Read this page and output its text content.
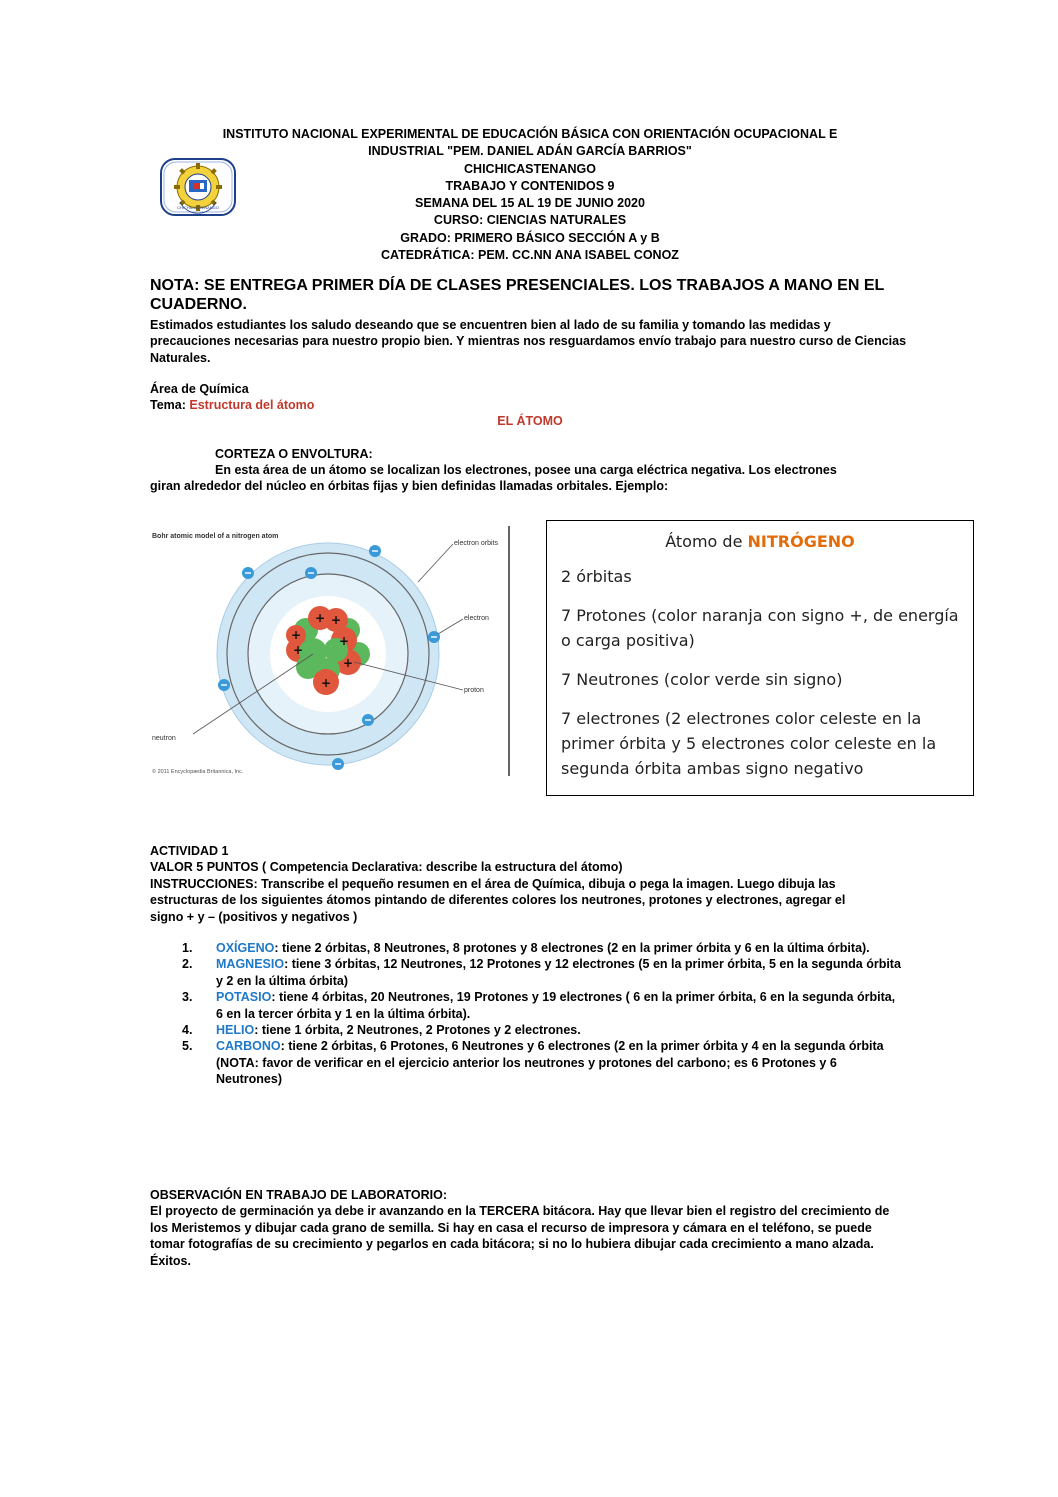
INSTITUTO NACIONAL EXPERIMENTAL DE EDUCACIÓN BÁSICA CON ORIENTACIÓN OCUPACIONAL E
INDUSTRIAL "PEM. DANIEL ADÁN GARCÍA BARRIOS"
CHICHICASTENANGO
TRABAJO Y CONTENIDOS 9
SEMANA DEL 15 AL 19 DE JUNIO 2020
CURSO: CIENCIAS NATURALES
GRADO: PRIMERO BÁSICO SECCIÓN A y B
CATEDRÁTICA: PEM. CC.NN ANA ISABEL CONOZ
CHICHICASTENANGO
NOTA: SE ENTREGA PRIMER DÍA DE CLASES PRESENCIALES. LOS TRABAJOS A MANO EN EL CUADERNO.
Estimados estudiantes los saludo deseando que se encuentren bien al lado de su familia y tomando las medidas y precauciones necesarias para nuestro propio bien. Y mientras nos resguardamos envío trabajo para nuestro curso de Ciencias Naturales.
Área de Química
Tema: Estructura del átomo
EL ÁTOMO
CORTEZA O ENVOLTURA:
En esta área de un átomo se localizan los electrones, posee una carga eléctrica negativa. Los electrones giran alrededor del núcleo en órbitas fijas y bien definidas llamadas orbitales. Ejemplo:
Bohr atomic model of a nitrogen atom
+ +
+
+
+
+
+
electron orbits
electron
proton
neutron
© 2011 Encyclopædia Britannica, Inc.

Átomo de NITRÓGENO

2 órbitas

7 Protones (color naranja con signo +, de energía o carga positiva)

7 Neutrones (color verde sin signo)

7 electrones (2 electrones color celeste en la primer órbita y 5 electrones color celeste en la segunda órbita ambas signo negativo

ACTIVIDAD 1
VALOR 5 PUNTOS ( Competencia Declarativa: describe la estructura del átomo)
INSTRUCCIONES: Transcribe el pequeño resumen en el área de Química, dibuja o pega la imagen. Luego dibuja las estructuras de los siguientes átomos pintando de diferentes colores los neutrones, protones y electrones, agregar el signo + y – (positivos y negativos )
1. OXÍGENO: tiene 2 órbitas, 8 Neutrones, 8 protones y 8 electrones (2 en la primer órbita y 6 en la última órbita).
2. MAGNESIO: tiene 3 órbitas, 12 Neutrones, 12 Protones y 12 electrones (5 en la primer órbita, 5 en la segunda órbita y 2 en la última órbita)
3. POTASIO: tiene 4 órbitas, 20 Neutrones, 19 Protones y 19 electrones ( 6 en la primer órbita, 6 en la segunda órbita, 6 en la tercer órbita y 1 en la última órbita).
4. HELIO: tiene 1 órbita, 2 Neutrones, 2 Protones y 2 electrones.
5. CARBONO: tiene 2 órbitas, 6 Protones, 6 Neutrones y 6 electrones (2 en la primer órbita y 4 en la segunda órbita (NOTA: favor de verificar en el ejercicio anterior los neutrones y protones del carbono; es 6 Protones y 6 Neutrones)
OBSERVACIÓN EN TRABAJO DE LABORATORIO:
El proyecto de germinación ya debe ir avanzando en la TERCERA bitácora. Hay que llevar bien el registro del crecimiento de los Meristemos y dibujar cada grano de semilla. Si hay en casa el recurso de impresora y cámara en el teléfono, se puede tomar fotografías de su crecimiento y pegarlos en cada bitácora; si no lo hubiera dibujar cada crecimiento a mano alzada.
Éxitos.
